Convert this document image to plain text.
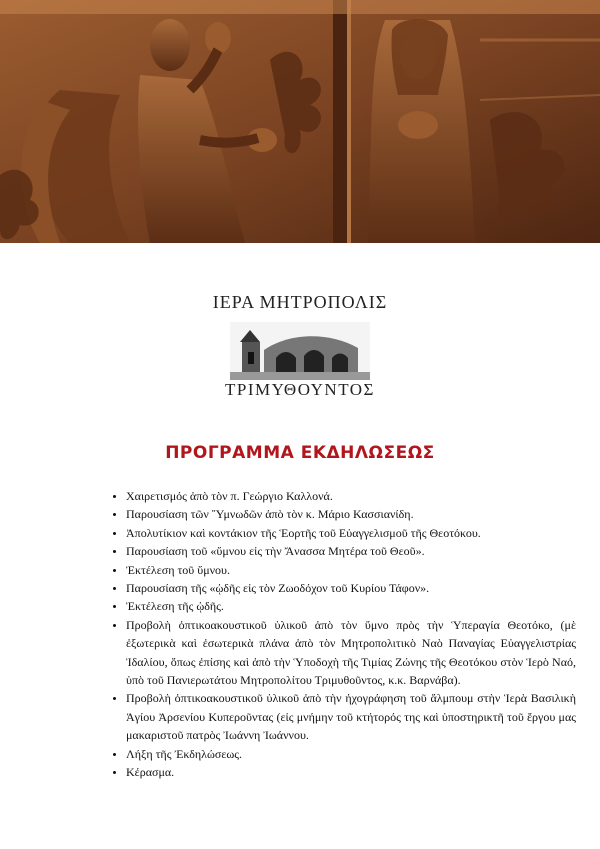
ΙΕΡΑ ΜΗΤΡΟΠΟΛΙΣ
ΤΡΙΜΥΘΟΥΝΤΟΣ
ΠΡΟΓΡΑΜΜΑ ΕΚΔΗΛΩΣΕΩΣ
• Χαιρετισμός ἀπὸ τὸν π. Γεώργιο Καλλονά.
• Παρουσίαση τῶν ῞Υμνωδῶν ἀπὸ τὸν κ. Μάριο Κασσιανίδη.
• Ἀπολυτίκιον καὶ κοντάκιον τῆς Ἑορτῆς τοῦ Εὐαγγελισμοῦ τῆς Θεοτόκου.
• Παρουσίαση τοῦ «ὕμνου εἰς τὴν Ἄνασσα Μητέρα τοῦ Θεοῦ».
• Ἐκτέλεση τοῦ ὕμνου.
• Παρουσίαση τῆς «ᾠδῆς εἰς τὸν Ζωοδόχον τοῦ Κυρίου Τάφον».
• Ἐκτέλεση τῆς ᾠδῆς.
• Προβολὴ ὀπτικοακουστικοῦ ὑλικοῦ ἀπὸ τὸν ὕμνο πρὸς τὴν Ὑπεραγία Θεοτόκο, (μὲ ἐξωτερικὰ καὶ ἐσωτερικὰ πλάνα ἀπὸ τὸν Μητροπολιτικὸ Ναὸ Παναγίας Εὐαγγελιστρίας Ἰδαλίου, ὅπως ἐπίσης καὶ ἀπὸ τὴν Ὑποδοχὴ τῆς Τιμίας Ζώνης τῆς Θεοτόκου στὸν Ἱερὸ Ναό, ὑπὸ τοῦ Πανιερωτάτου Μητροπολίτου Τριμυθοῦντος, κ.κ. Βαρνάβα).
• Προβολὴ ὀπτικοακουστικοῦ ὑλικοῦ ἀπὸ τὴν ἠχογράφηση τοῦ ἄλμπουμ στὴν Ἱερὰ Βασιλικὴ Ἁγίου Ἀρσενίου Κυπεροῦντας (εἰς μνήμην τοῦ κτήτορός της καὶ ὑποστηρικτῆ τοῦ ἔργου μας μακαριστοῦ πατρὸς Ἰωάννη Ἰωάννου.
• Λήξη τῆς Ἐκδηλώσεως.
• Κέρασμα.
